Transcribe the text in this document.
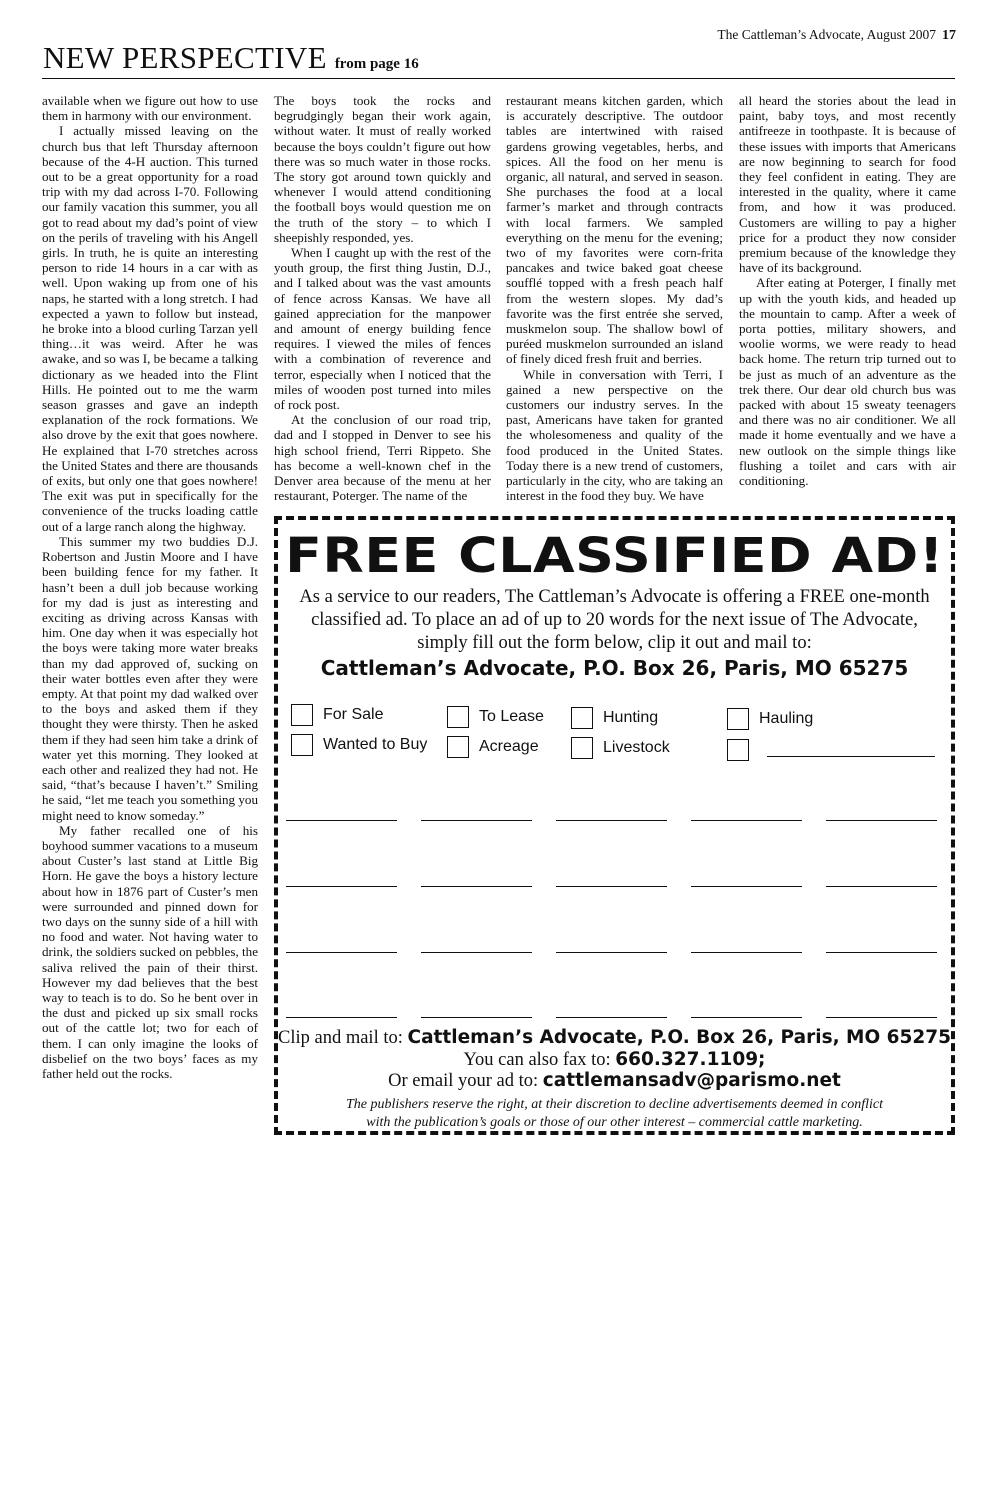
The Cattleman’s Advocate, August 2007 17
NEW PERSPECTIVE from page 16

available when we figure out how to use them in harmony with our environment.

I actually missed leaving on the church bus that left Thursday afternoon because of the 4-H auction. This turned out to be a great opportunity for a road trip with my dad across I-70. Following our family vacation this summer, you all got to read about my dad’s point of view on the perils of traveling with his Angell girls. In truth, he is quite an interesting person to ride 14 hours in a car with as well. Upon waking up from one of his naps, he started with a long stretch. I had expected a yawn to follow but instead, he broke into a blood curling Tarzan yell thing…it was weird. After he was awake, and so was I, be became a talking dictionary as we headed into the Flint Hills. He pointed out to me the warm season grasses and gave an indepth explanation of the rock formations. We also drove by the exit that goes nowhere. He explained that I-70 stretches across the United States and there are thousands of exits, but only one that goes nowhere! The exit was put in specifically for the convenience of the trucks loading cattle out of a large ranch along the highway.

This summer my two buddies D.J. Robertson and Justin Moore and I have been building fence for my father. It hasn’t been a dull job because working for my dad is just as interesting and exciting as driving across Kansas with him. One day when it was especially hot the boys were taking more water breaks than my dad approved of, sucking on their water bottles even after they were empty. At that point my dad walked over to the boys and asked them if they thought they were thirsty. Then he asked them if they had seen him take a drink of water yet this morning. They looked at each other and realized they had not. He said, “that’s because I haven’t.” Smiling he said, “let me teach you something you might need to know someday.”

My father recalled one of his boyhood summer vacations to a museum about Custer’s last stand at Little Big Horn. He gave the boys a history lecture about how in 1876 part of Custer’s men were surrounded and pinned down for two days on the sunny side of a hill with no food and water. Not having water to drink, the soldiers sucked on pebbles, the saliva relived the pain of their thirst. However my dad believes that the best way to teach is to do. So he bent over in the dust and picked up six small rocks out of the cattle lot; two for each of them. I can only imagine the looks of disbelief on the two boys’ faces as my father held out the rocks.

The boys took the rocks and begrudgingly began their work again, without water. It must of really worked because the boys couldn’t figure out how there was so much water in those rocks. The story got around town quickly and whenever I would attend conditioning the football boys would question me on the truth of the story – to which I sheepishly responded, yes.

When I caught up with the rest of the youth group, the first thing Justin, D.J., and I talked about was the vast amounts of fence across Kansas. We have all gained appreciation for the manpower and amount of energy building fence requires. I viewed the miles of fences with a combination of reverence and terror, especially when I noticed that the miles of wooden post turned into miles of rock post.

At the conclusion of our road trip, dad and I stopped in Denver to see his high school friend, Terri Rippeto. She has become a well-known chef in the Denver area because of the menu at her restaurant, Poterger. The name of the

restaurant means kitchen garden, which is accurately descriptive. The outdoor tables are intertwined with raised gardens growing vegetables, herbs, and spices. All the food on her menu is organic, all natural, and served in season. She purchases the food at a local farmer’s market and through contracts with local farmers. We sampled everything on the menu for the evening; two of my favorites were corn-frita pancakes and twice baked goat cheese soufflé topped with a fresh peach half from the western slopes. My dad’s favorite was the first entrée she served, muskmelon soup. The shallow bowl of puréed muskmelon surrounded an island of finely diced fresh fruit and berries.

While in conversation with Terri, I gained a new perspective on the customers our industry serves. In the past, Americans have taken for granted the wholesomeness and quality of the food produced in the United States. Today there is a new trend of customers, particularly in the city, who are taking an interest in the food they buy. We have

all heard the stories about the lead in paint, baby toys, and most recently antifreeze in toothpaste. It is because of these issues with imports that Americans are now beginning to search for food they feel confident in eating. They are interested in the quality, where it came from, and how it was produced. Customers are willing to pay a higher price for a product they now consider premium because of the knowledge they have of its background.

After eating at Poterger, I finally met up with the youth kids, and headed up the mountain to camp. After a week of porta potties, military showers, and woolie worms, we were ready to head back home. The return trip turned out to be just as much of an adventure as the trek there. Our dear old church bus was packed with about 15 sweaty teenagers and there was no air conditioner. We all made it home eventually and we have a new outlook on the simple things like flushing a toilet and cars with air conditioning.

FREE CLASSIFIED AD!
As a service to our readers, The Cattleman’s Advocate is offering a FREE one-month classified ad. To place an ad of up to 20 words for the next issue of The Advocate, simply fill out the form below, clip it out and mail to:
Cattleman’s Advocate, P.O. Box 26, Paris, MO 65275
For Sale
Wanted to Buy
To Lease
Acreage
Hunting
Livestock
Hauling
Clip and mail to: Cattleman’s Advocate, P.O. Box 26, Paris, MO 65275
You can also fax to: 660.327.1109;
Or email your ad to: cattlemansadv@parismo.net
The publishers reserve the right, at their discretion to decline advertisements deemed in conflict
with the publication’s goals or those of our other interest – commercial cattle marketing.
